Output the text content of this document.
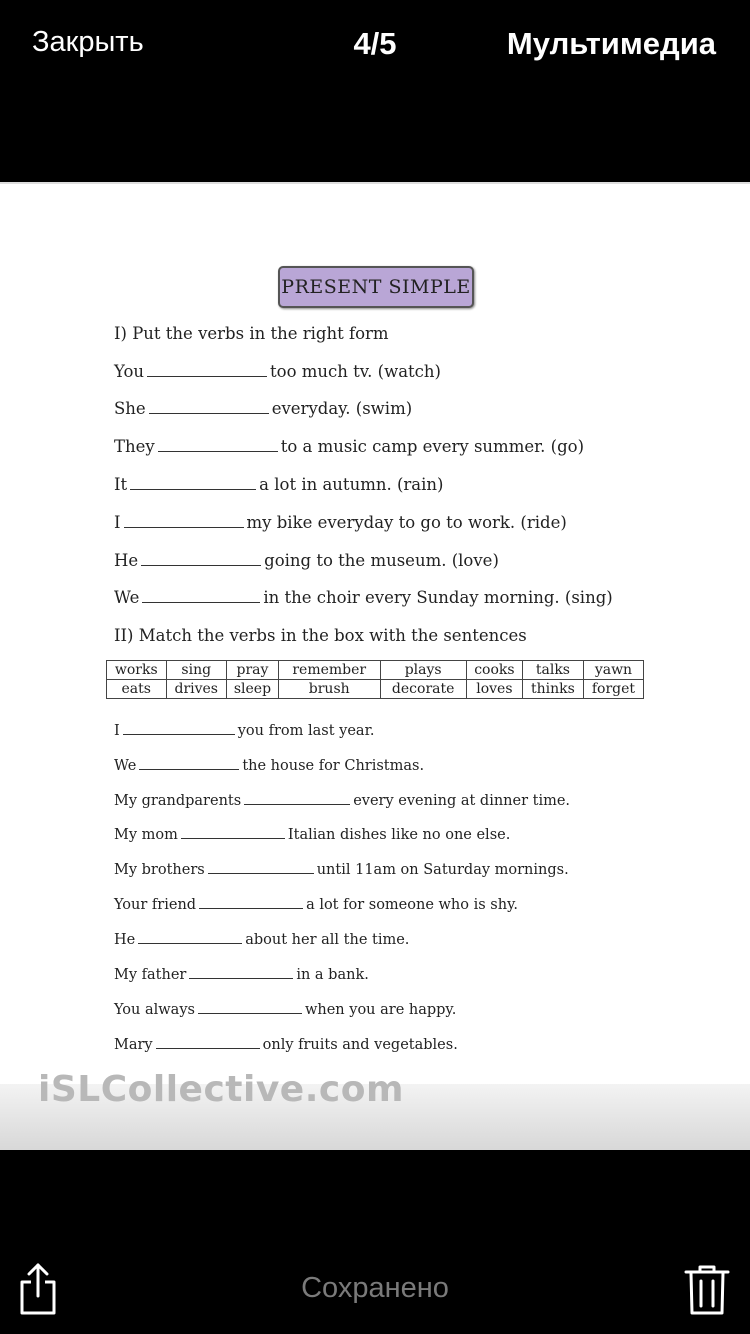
Закрыть	4/5	Мультимедиа
PRESENT SIMPLE
I) Put the verbs in the right form
You	too much tv. (watch)
She	everyday. (swim)
They	to a music camp every summer. (go)
It	a lot in autumn. (rain)
I	my bike everyday to go to work. (ride)
He	going to the museum. (love)
We	in the choir every Sunday morning. (sing)
II) Match the verbs in the box with the sentences
works	sing	pray	remember	plays	cooks	talks	yawn
eats	drives	sleep	brush	decorate	loves	thinks	forget
I	you from last year.
We	the house for Christmas.
My grandparents	every evening at dinner time.
My mom	Italian dishes like no one else.
My brothers	until 11am on Saturday mornings.
Your friend	a lot for someone who is shy.
He	about her all the time.
My father	in a bank.
You always	when you are happy.
Mary	only fruits and vegetables.
iSLCollective.com
Сохранено
